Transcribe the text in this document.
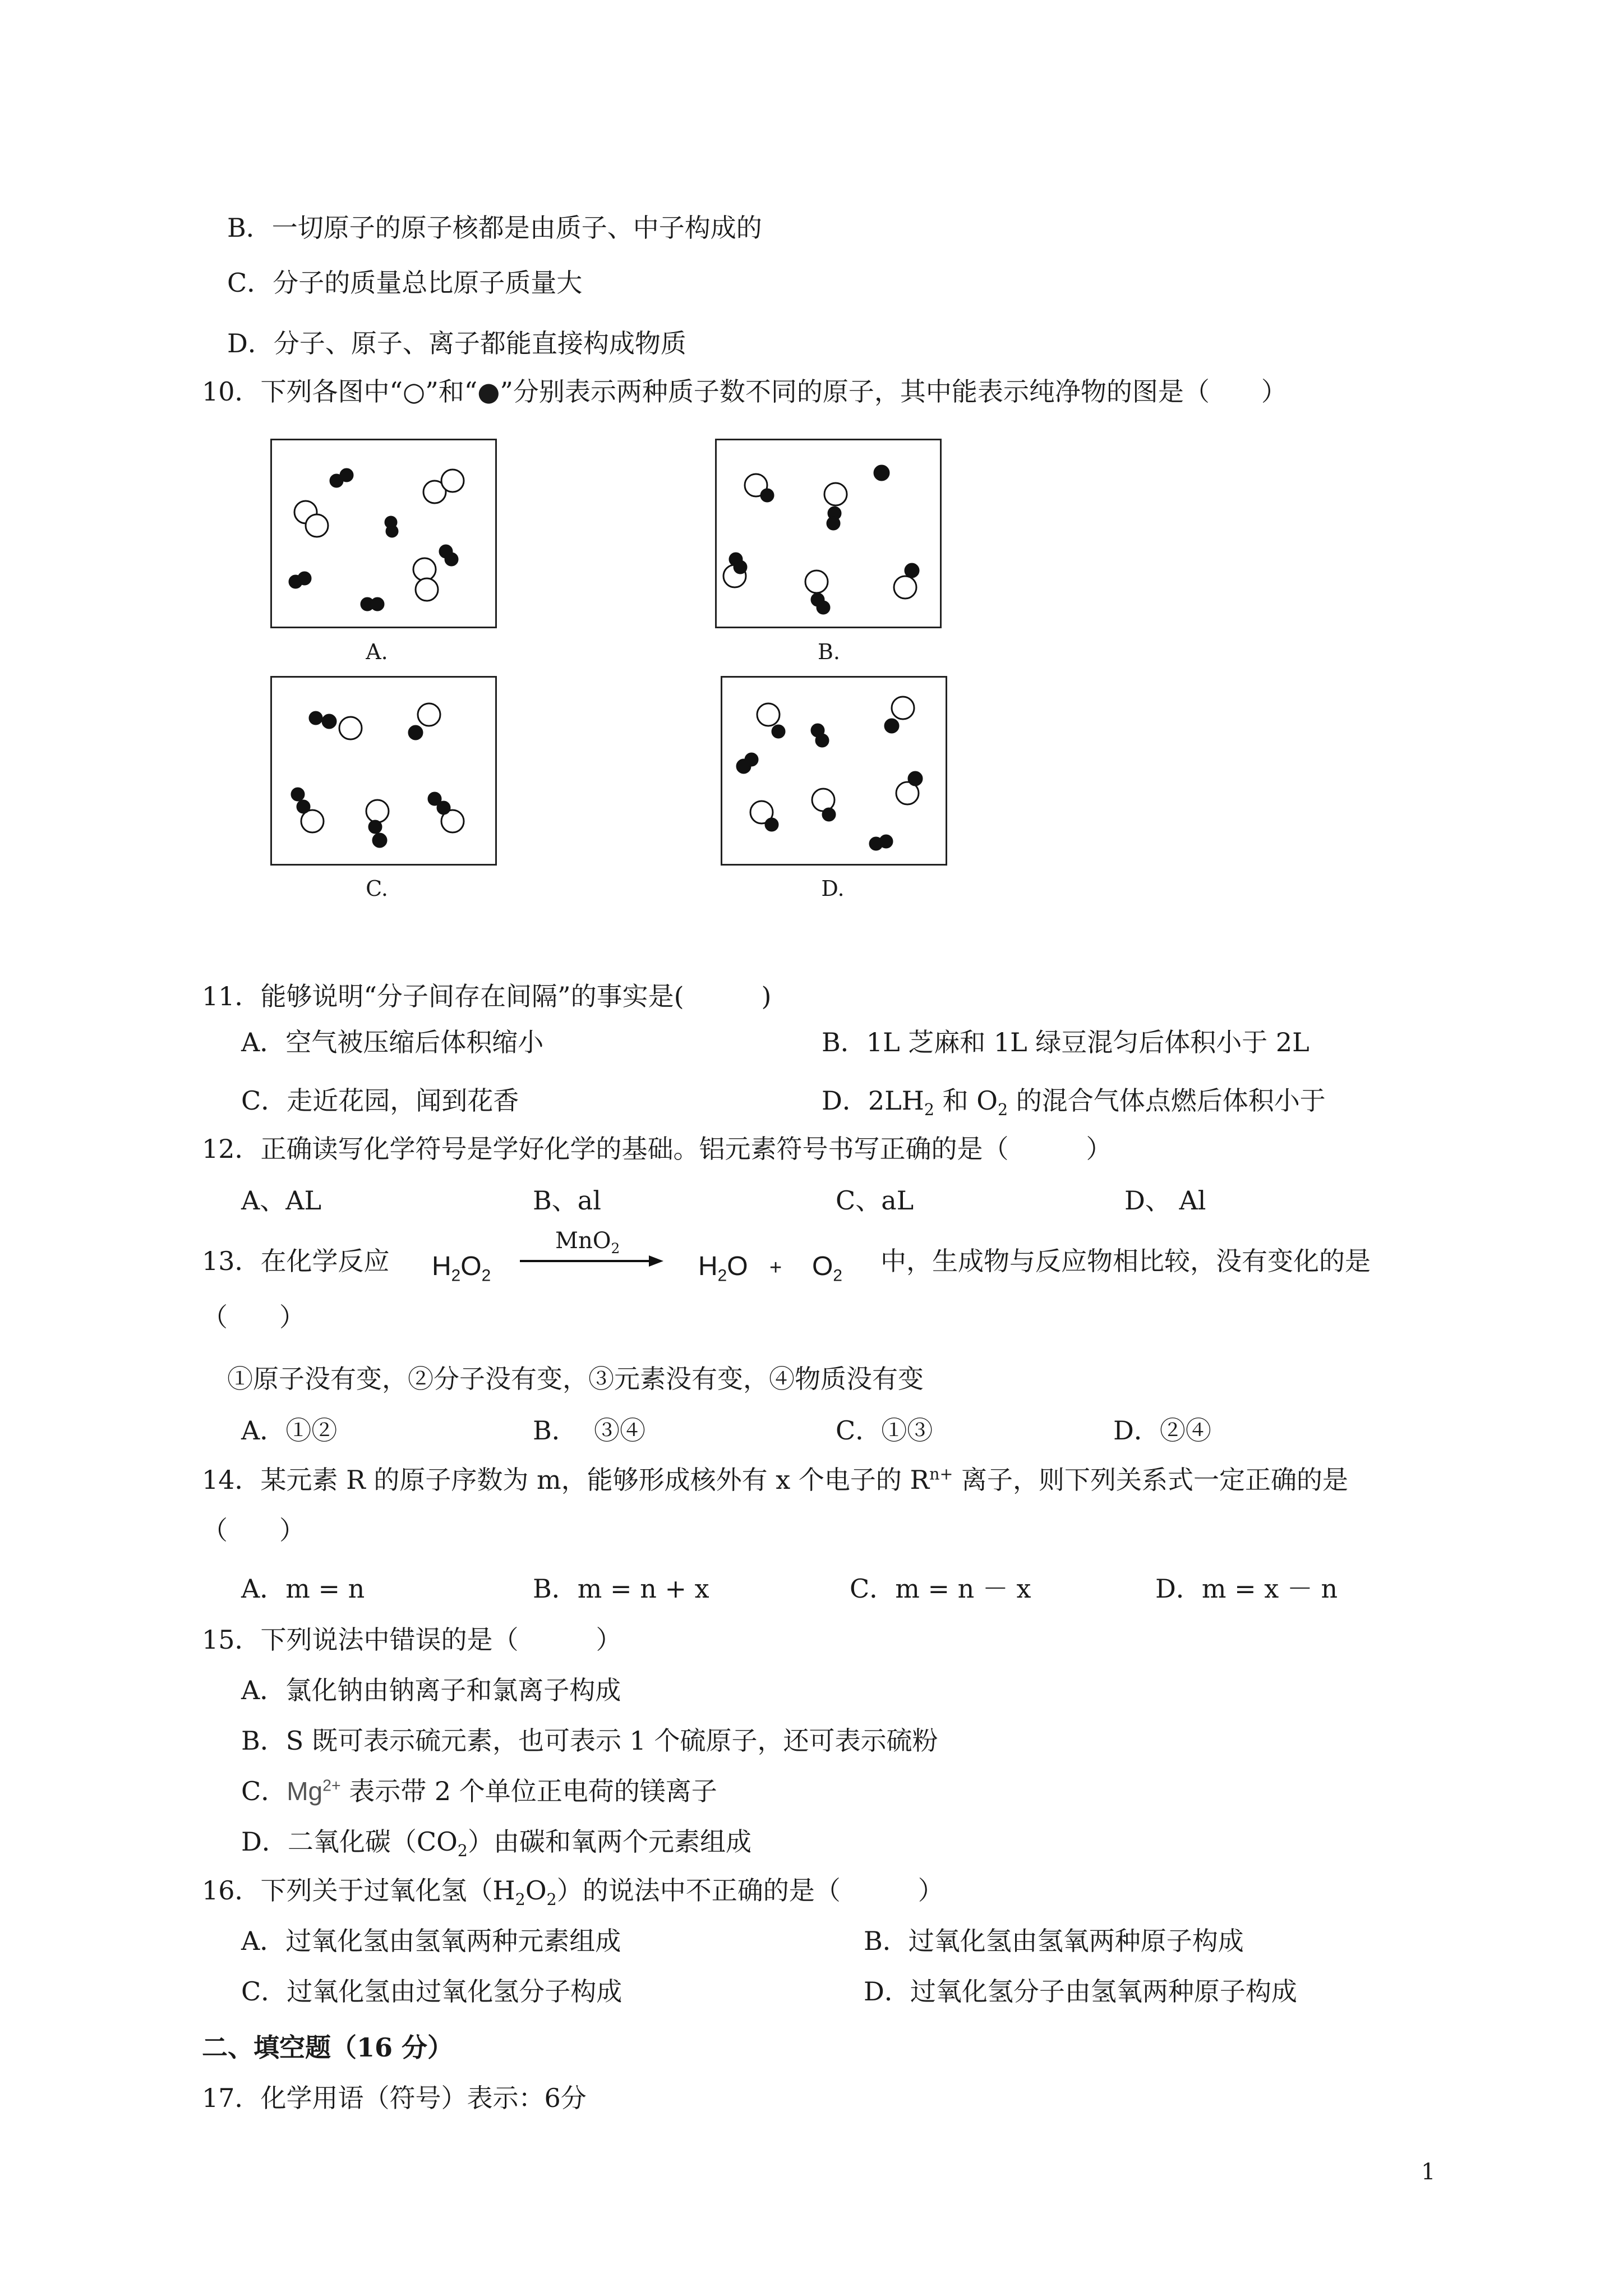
B．一切原子的原子核都是由质子、中子构成的
C．分子的质量总比原子质量大
D．分子、原子、离子都能直接构成物质
10．下列各图中“○”和“●”分别表示两种质子数不同的原子，其中能表示纯净物的图是（　　）
A.	B.
C.	D.
11．能够说明“分子间存在间隔”的事实是(　　　)
A．空气被压缩后体积缩小	B．1L 芝麻和 1L 绿豆混匀后体积小于 2L
C．走近花园，闻到花香	D．$2LH_2$ 和 $O_2$ 的混合气体点燃后体积小于
12．正确读写化学符号是学好化学的基础。铝元素符号书写正确的是（　　　）
A、AL	B、al	C、aL	D、 Al
13．在化学反应 $H_2O_2$
MnO$_2$
$H_2O + O_2$ 中，生成物与反应物相比较，没有变化的是
（　　）
①原子没有变，②分子没有变，③元素没有变，④物质没有变
A．①②	B．  ③④	C．①③	D．②④
14．某元素 R 的原子序数为 m，能够形成核外有 x 个电子的 $R^{n+}$ 离子，则下列关系式一定正确的是
（　　）
A．m = n	B．m = n + x	C．m = n － x	D．m = x － n
15．下列说法中错误的是（　　　）
A．氯化钠由钠离子和氯离子构成
B．S 既可表示硫元素，也可表示 1 个硫原子，还可表示硫粉
C．$Mg^{2+}$ 表示带 2 个单位正电荷的镁离子
D．二氧化碳$(CO_2)$由碳和氧两个元素组成
16．下列关于过氧化氢$(H_2O_2)$的说法中不正确的是（　　　）
A．过氧化氢由氢氧两种元素组成	B．过氧化氢由氢氧两种原子构成
C．过氧化氢由过氧化氢分子构成	D．过氧化氢分子由氢氧两种原子构成
二、填空题（16 分）
17．化学用语（符号）表示：6分
1
